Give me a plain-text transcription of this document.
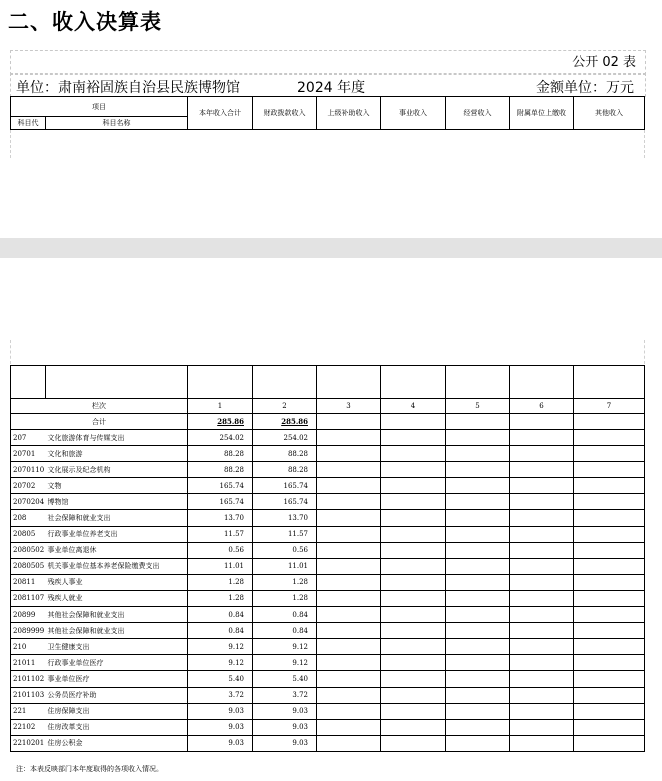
二、收入决算表
公开 02 表
单位：肃南裕固族自治县民族博物馆	2024 年度	金额单位：万元
项目		本年收入合计	财政拨款收入	上级补助收入	事业收入	经营收入	附属单位上缴收	其他收入
科目代	科目名称							

栏次		1	2	3	4	5	6	7
合计		285.86	285.86					
207	文化旅游体育与传媒支出	254.02	254.02					
20701	文化和旅游	88.28	88.28					
2070110	文化展示及纪念机构	88.28	88.28					
20702	文物	165.74	165.74					
2070204	博物馆	165.74	165.74					
208	社会保障和就业支出	13.70	13.70					
20805	行政事业单位养老支出	11.57	11.57					
2080502	事业单位离退休	0.56	0.56					
2080505	机关事业单位基本养老保险缴费支出	11.01	11.01					
20811	残疾人事业	1.28	1.28					
2081107	残疾人就业	1.28	1.28					
20899	其他社会保障和就业支出	0.84	0.84					
2089999	其他社会保障和就业支出	0.84	0.84					
210	卫生健康支出	9.12	9.12					
21011	行政事业单位医疗	9.12	9.12					
2101102	事业单位医疗	5.40	5.40					
2101103	公务员医疗补助	3.72	3.72					
221	住房保障支出	9.03	9.03					
22102	住房改革支出	9.03	9.03					
2210201	住房公积金	9.03	9.03					
注：本表反映部门本年度取得的各项收入情况。
